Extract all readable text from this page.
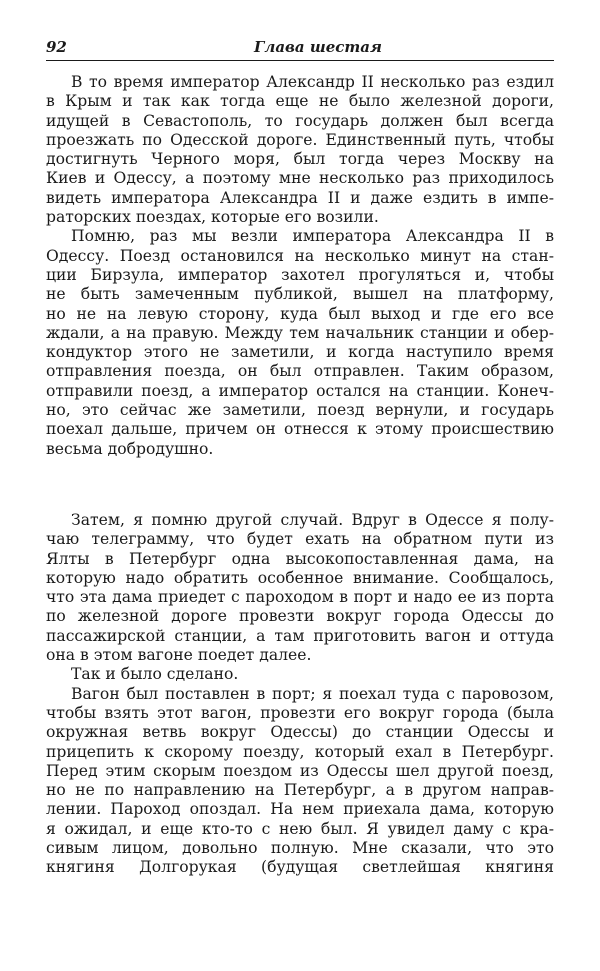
92	Глава шестая
В то время император Александр II несколько раз ездил
в Крым и так как тогда еще не было железной дороги,
идущей в Севастополь, то государь должен был всегда
проезжать по Одесской дороге. Единственный путь, чтобы
достигнуть Черного моря, был тогда через Москву на
Киев и Одессу, а поэтому мне несколько раз приходилось
видеть императора Александра II и даже ездить в импе-
раторских поездах, которые его возили.
Помню, раз мы везли императора Александра II в
Одессу. Поезд остановился на несколько минут на стан-
ции Бирзула, император захотел прогуляться и, чтобы
не быть замеченным публикой, вышел на платформу,
но не на левую сторону, куда был выход и где его все
ждали, а на правую. Между тем начальник станции и обер-
кондуктор этого не заметили, и когда наступило время
отправления поезда, он был отправлен. Таким образом,
отправили поезд, а император остался на станции. Конеч-
но, это сейчас же заметили, поезд вернули, и государь
поехал дальше, причем он отнесся к этому происшествию
весьма добродушно.
Затем, я помню другой случай. Вдруг в Одессе я полу-
чаю телеграмму, что будет ехать на обратном пути из
Ялты в Петербург одна высокопоставленная дама, на
которую надо обратить особенное внимание. Сообщалось,
что эта дама приедет с пароходом в порт и надо ее из порта
по железной дороге провезти вокруг города Одессы до
пассажирской станции, а там приготовить вагон и оттуда
она в этом вагоне поедет далее.
Так и было сделано.
Вагон был поставлен в порт; я поехал туда с паровозом,
чтобы взять этот вагон, провезти его вокруг города (была
окружная ветвь вокруг Одессы) до станции Одессы и
прицепить к скорому поезду, который ехал в Петербург.
Перед этим скорым поездом из Одессы шел другой поезд,
но не по направлению на Петербург, а в другом направ-
лении. Пароход опоздал. На нем приехала дама, которую
я ожидал, и еще кто-то с нею был. Я увидел даму с кра-
сивым лицом, довольно полную. Мне сказали, что это
княгиня Долгорукая (будущая светлейшая княгиня
